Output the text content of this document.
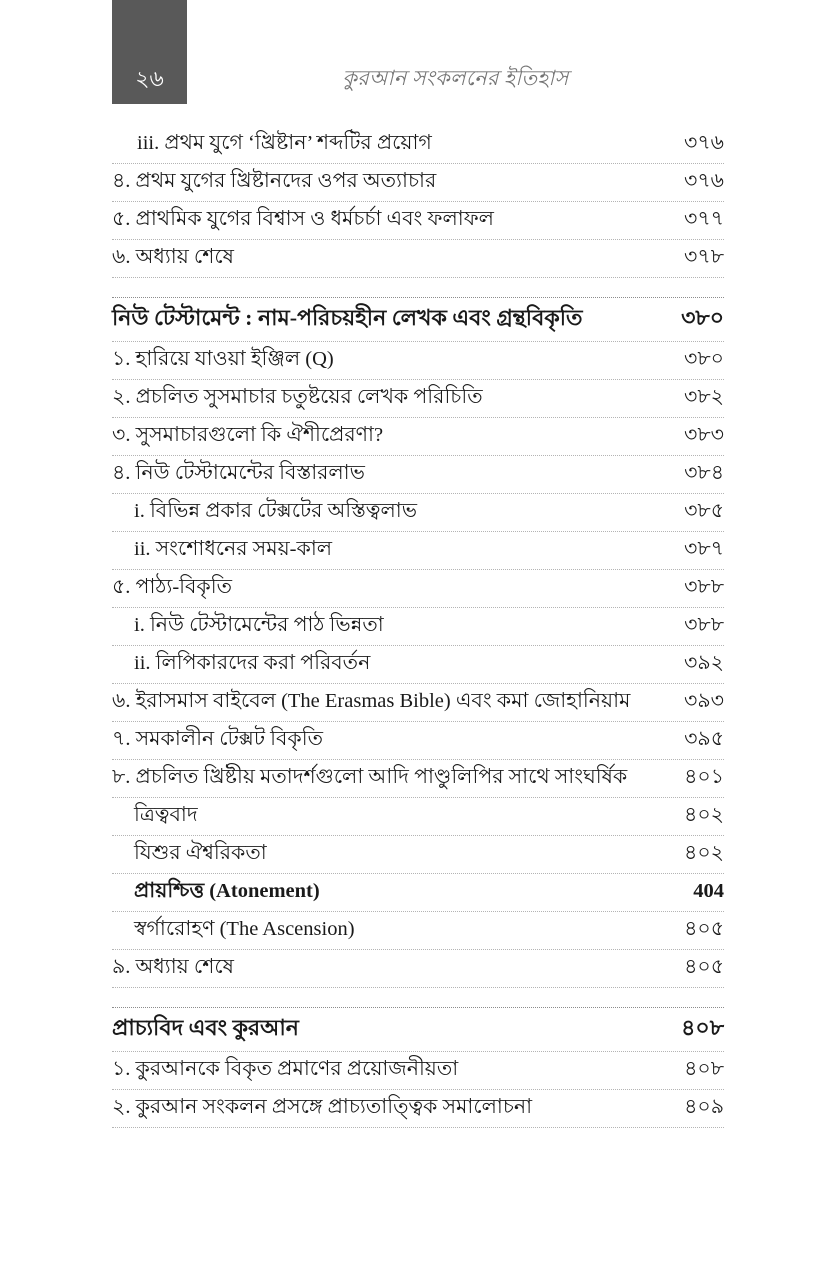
২৬	কুরআন সংকলনের ইতিহাস
iii. প্রথম যুগে ‘খ্রিষ্টান’ শব্দটির প্রয়োগ	৩৭৬
৪. প্রথম যুগের খ্রিষ্টানদের ওপর অত্যাচার	৩৭৬
৫. প্রাথমিক যুগের বিশ্বাস ও ধর্মচর্চা এবং ফলাফল	৩৭৭
৬. অধ্যায় শেষে	৩৭৮
নিউ টেস্টামেন্ট : নাম-পরিচয়হীন লেখক এবং গ্রন্থবিকৃতি	৩৮০
১. হারিয়ে যাওয়া ইঞ্জিল (Q)	৩৮০
২. প্রচলিত সুসমাচার চতুষ্টয়ের লেখক পরিচিতি	৩৮২
৩. সুসমাচারগুলো কি ঐশীপ্রেরণা?	৩৮৩
৪. নিউ টেস্টামেন্টের বিস্তারলাভ	৩৮৪
i. বিভিন্ন প্রকার টেক্সটের অস্তিত্বলাভ	৩৮৫
ii. সংশোধনের সময়-কাল	৩৮৭
৫. পাঠ্য-বিকৃতি	৩৮৮
i. নিউ টেস্টামেন্টের পাঠ ভিন্নতা	৩৮৮
ii. লিপিকারদের করা পরিবর্তন	৩৯২
৬. ইরাসমাস বাইবেল (The Erasmas Bible) এবং কমা জোহানিয়াম	৩৯৩
৭. সমকালীন টেক্সট বিকৃতি	৩৯৫
৮. প্রচলিত খ্রিষ্টীয় মতাদর্শগুলো আদি পাণ্ডুলিপির সাথে সাংঘর্ষিক	৪০১
ত্রিত্ববাদ	৪০২
যিশুর ঐশ্বরিকতা	৪০২
প্রায়শ্চিত্ত (Atonement)	404
স্বর্গারোহণ (The Ascension)	৪০৫
৯. অধ্যায় শেষে	৪০৫
প্রাচ্যবিদ এবং কুরআন	৪০৮
১. কুরআনকে বিকৃত প্রমাণের প্রয়োজনীয়তা	৪০৮
২. কুরআন সংকলন প্রসঙ্গে প্রাচ্যতাত্ত্বিক সমালোচনা	৪০৯
